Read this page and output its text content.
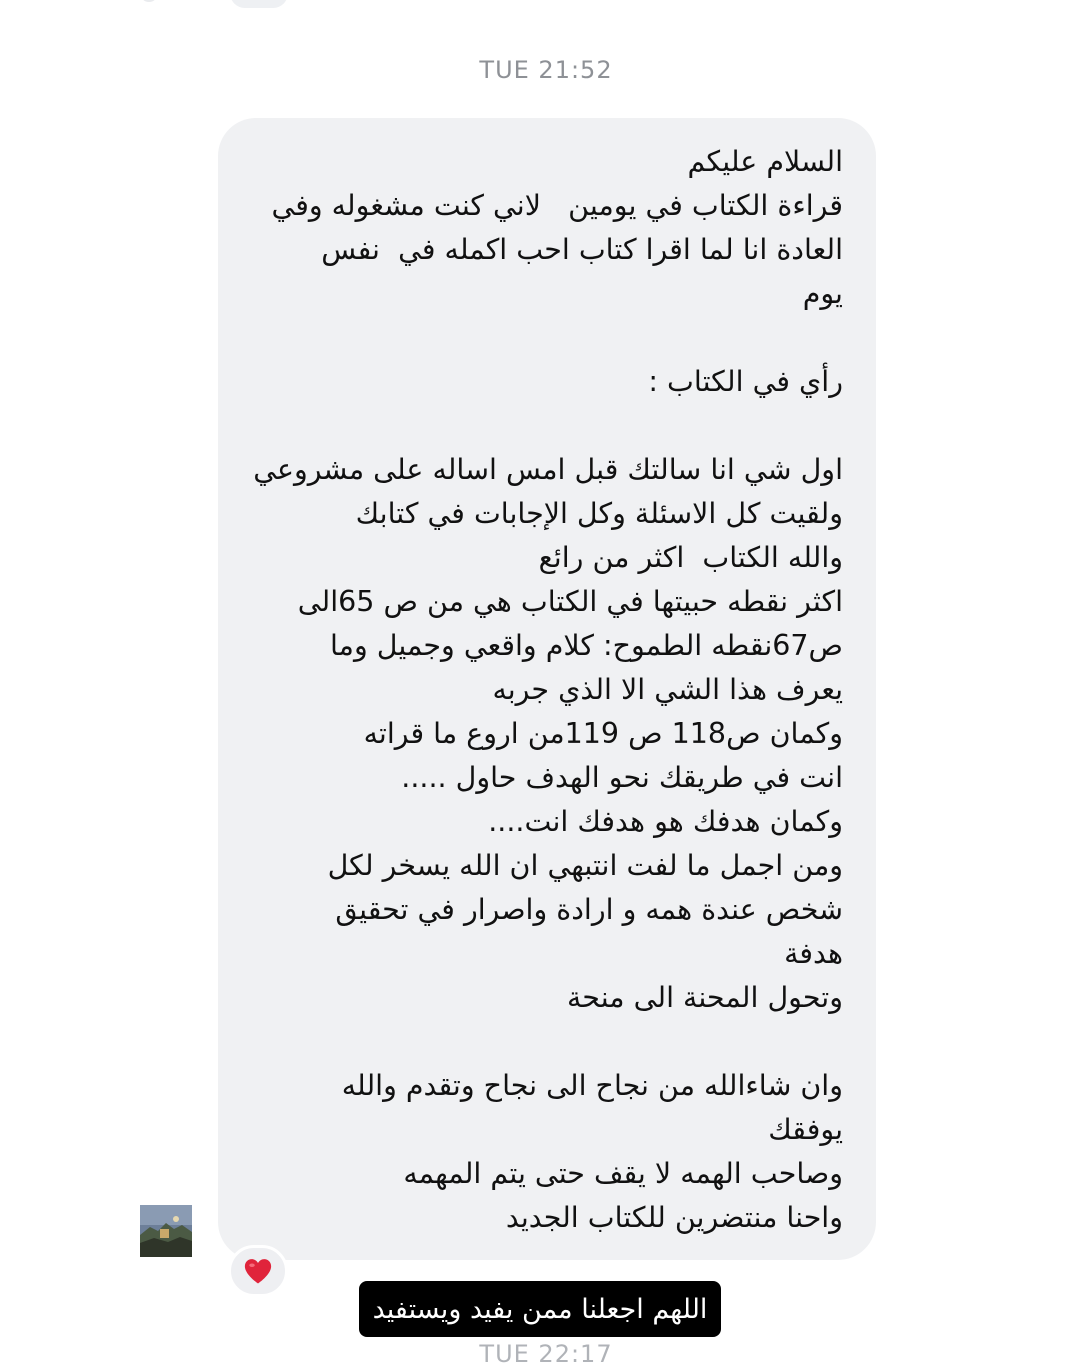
TUE 21:52
السلام عليكم
قراءة الكتاب في يومين   لاني كنت مشغوله وفي
العادة انا لما اقرا كتاب احب اكمله في  نفس
يوم

رأي في الكتاب :

اول شي انا سالتك قبل امس اساله على مشروعي
ولقيت كل الاسئلة وكل الإجابات في كتابك
والله الكتاب  اكثر من رائع
اكثر نقطه حبيتها في الكتاب هي من ص 65الى
ص67نقطه الطموح: كلام واقعي وجميل وما
يعرف هذا الشي الا الذي جربه
وكمان ص118 ص 119من اروع ما قراته
انت في طريقك نحو الهدف حاول .....
وكمان هدفك هو هدفك انت....
ومن اجمل ما لفت انتبهي ان الله يسخر لكل
شخص عندة همه و ارادة واصرار في تحقيق
هدفة
وتحول المحنة الى منحة

وان شاءالله من نجاح الى نجاح وتقدم والله
يوفقك
وصاحب الهمه لا يقف حتى يتم المهمه
واحنا منتضرين للكتاب الجديد
اللهم اجعلنا ممن يفيد ويستفيد
TUE 22:17
